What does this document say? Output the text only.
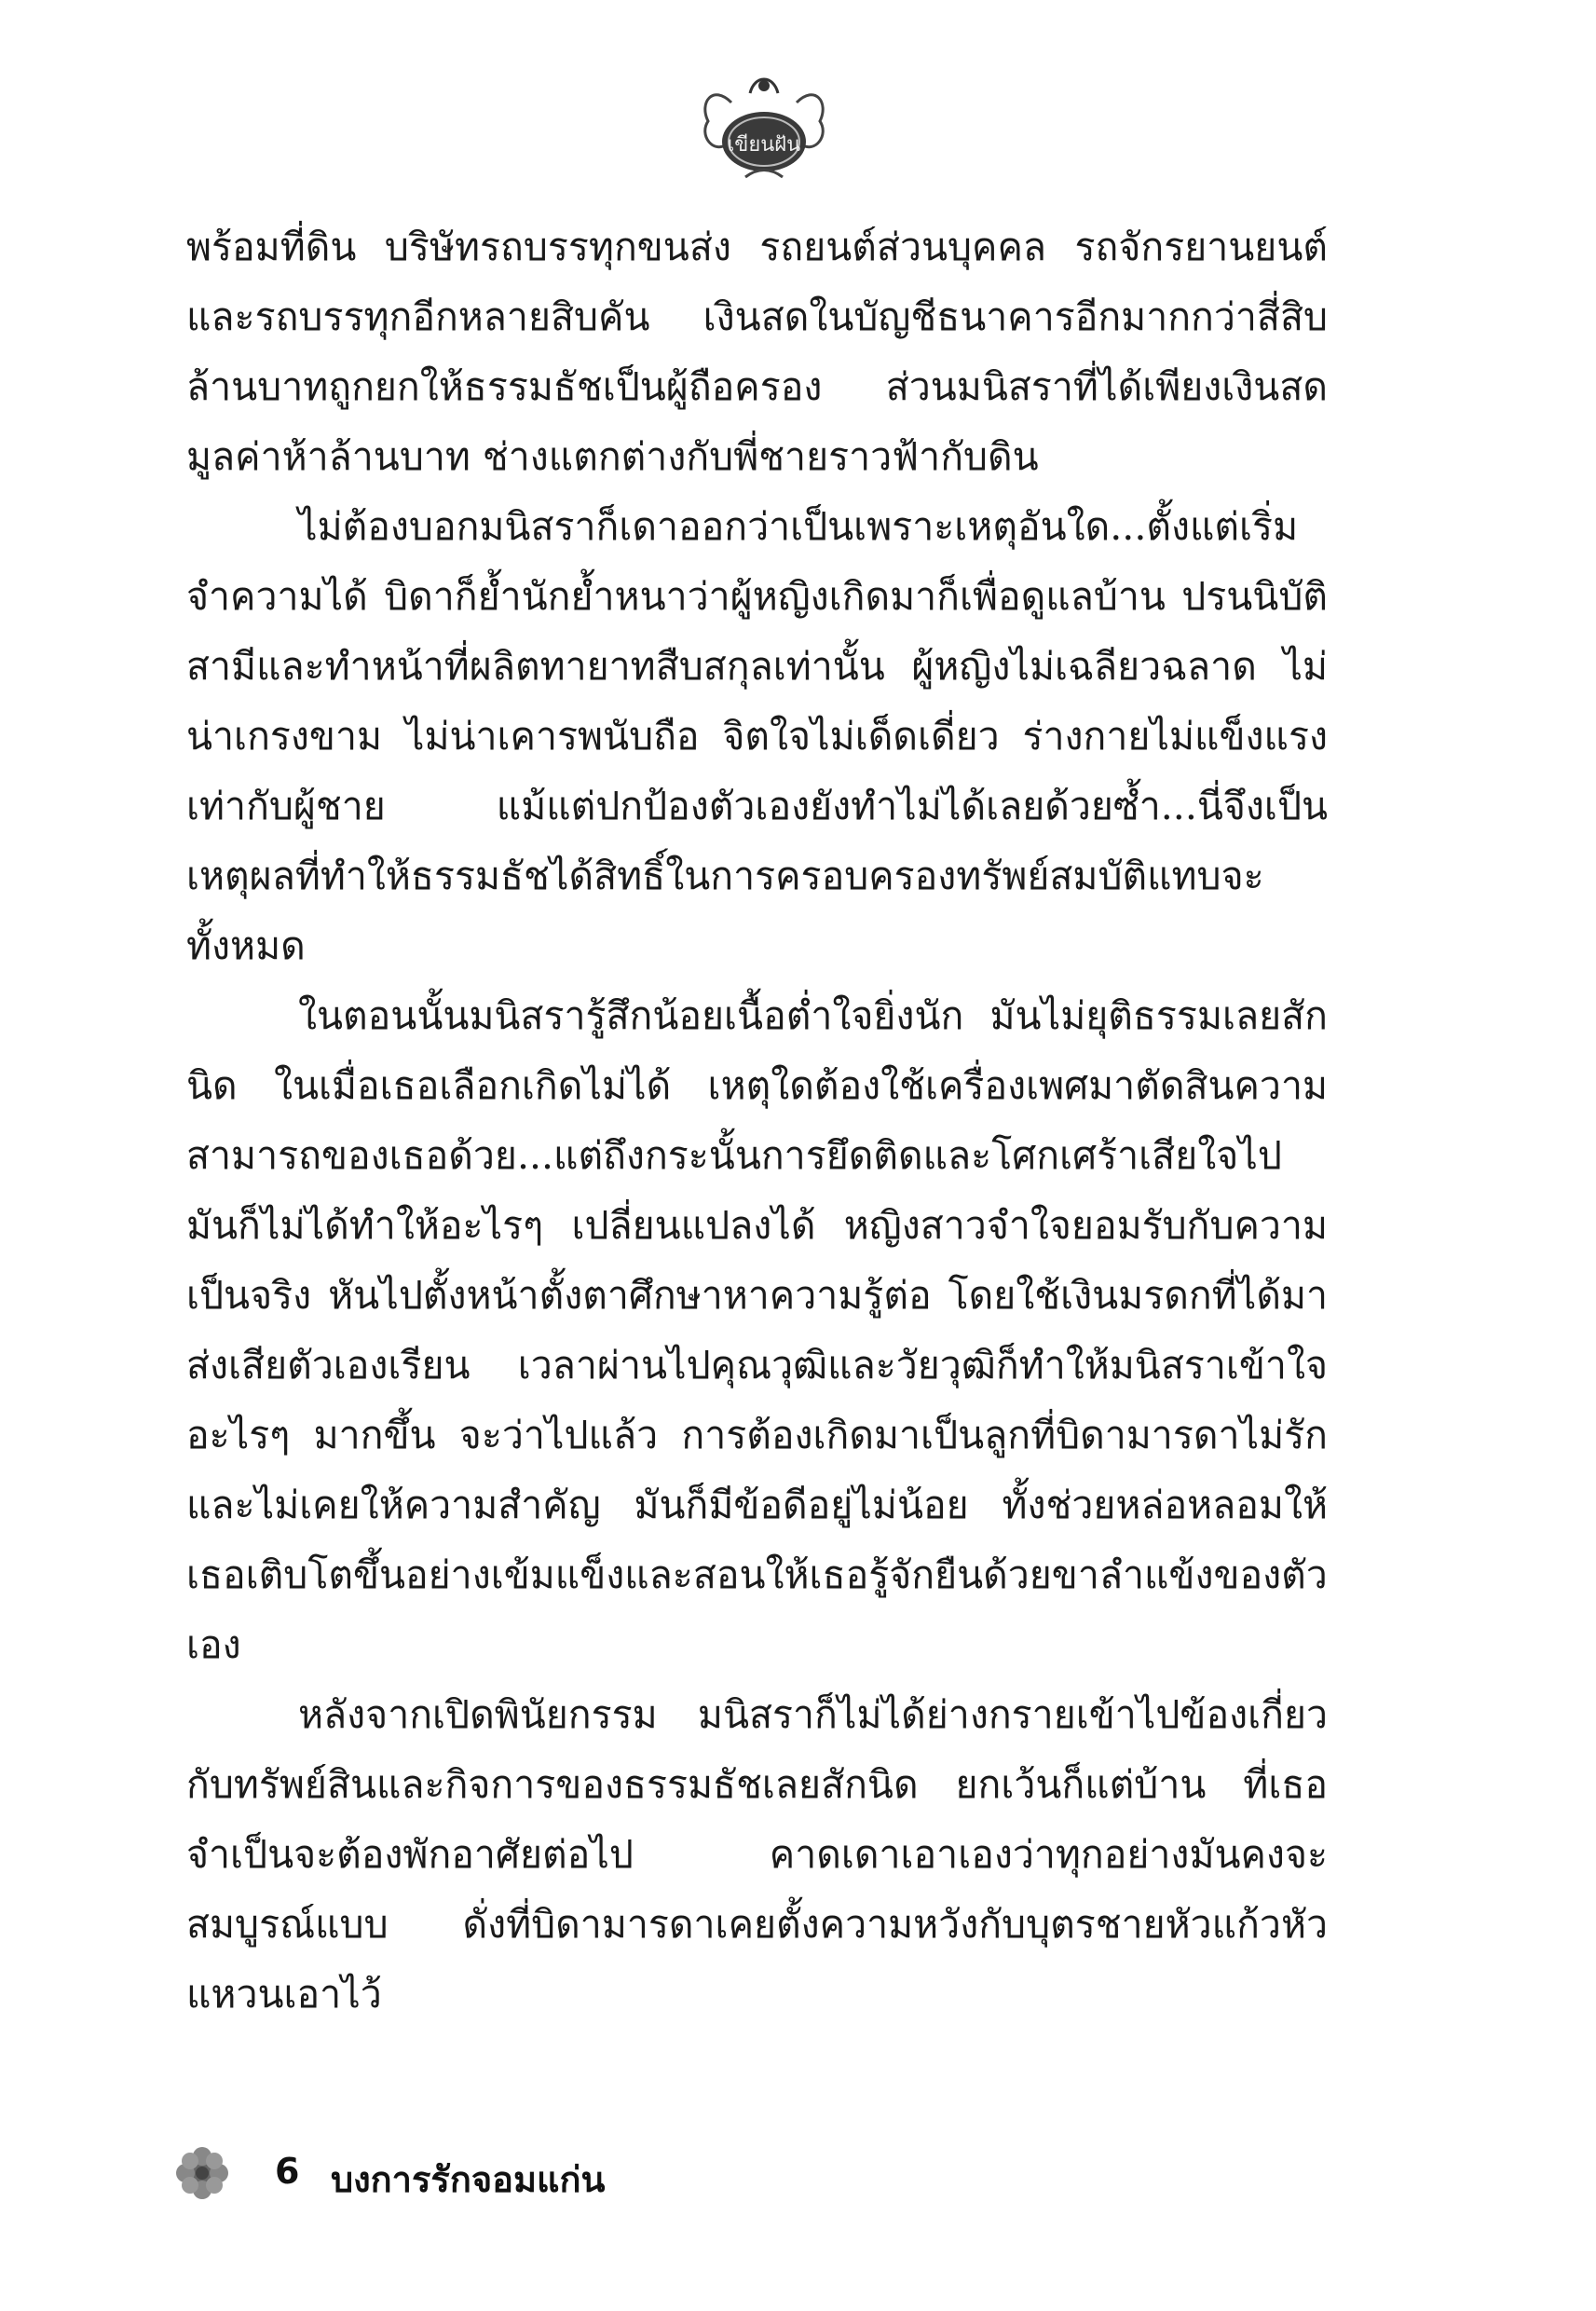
เขียนฝัน

พร้อมที่ดิน บริษัทรถบรรทุกขนส่ง รถยนต์ส่วนบุคคล รถจักรยานยนต์ และรถบรรทุกอีกหลายสิบคัน เงินสดในบัญชีธนาคารอีกมากกว่าสี่สิบล้านบาทถูกยกให้ธรรมธัชเป็นผู้ถือครอง ส่วนมนิสราที่ได้เพียงเงินสดมูลค่าห้าล้านบาท ช่างแตกต่างกับพี่ชายราวฟ้ากับดิน

ไม่ต้องบอกมนิสราก็เดาออกว่าเป็นเพราะเหตุอันใด...ตั้งแต่เริ่มจำความได้ บิดาก็ย้ำนักย้ำหนาว่าผู้หญิงเกิดมาก็เพื่อดูแลบ้าน ปรนนิบัติสามีและทำหน้าที่ผลิตทายาทสืบสกุลเท่านั้น ผู้หญิงไม่เฉลียวฉลาด ไม่น่าเกรงขาม ไม่น่าเคารพนับถือ จิตใจไม่เด็ดเดี่ยว ร่างกายไม่แข็งแรงเท่ากับผู้ชาย แม้แต่ปกป้องตัวเองยังทำไม่ได้เลยด้วยซ้ำ...นี่จึงเป็นเหตุผลที่ทำให้ธรรมธัชได้สิทธิ์ในการครอบครองทรัพย์สมบัติแทบจะทั้งหมด

ในตอนนั้นมนิสรารู้สึกน้อยเนื้อต่ำใจยิ่งนัก มันไม่ยุติธรรมเลยสักนิด ในเมื่อเธอเลือกเกิดไม่ได้ เหตุใดต้องใช้เครื่องเพศมาตัดสินความสามารถของเธอด้วย...แต่ถึงกระนั้นการยึดติดและโศกเศร้าเสียใจไปมันก็ไม่ได้ทำให้อะไรๆ เปลี่ยนแปลงได้ หญิงสาวจำใจยอมรับกับความเป็นจริง หันไปตั้งหน้าตั้งตาศึกษาหาความรู้ต่อ โดยใช้เงินมรดกที่ได้มาส่งเสียตัวเองเรียน เวลาผ่านไปคุณวุฒิและวัยวุฒิก็ทำให้มนิสราเข้าใจอะไรๆ มากขึ้น จะว่าไปแล้ว การต้องเกิดมาเป็นลูกที่บิดามารดาไม่รักและไม่เคยให้ความสำคัญ มันก็มีข้อดีอยู่ไม่น้อย ทั้งช่วยหล่อหลอมให้เธอเติบโตขึ้นอย่างเข้มแข็งและสอนให้เธอรู้จักยืนด้วยขาลำแข้งของตัวเอง

หลังจากเปิดพินัยกรรม มนิสราก็ไม่ได้ย่างกรายเข้าไปข้องเกี่ยวกับทรัพย์สินและกิจการของธรรมธัชเลยสักนิด ยกเว้นก็แต่บ้าน ที่เธอจำเป็นจะต้องพักอาศัยต่อไป คาดเดาเอาเองว่าทุกอย่างมันคงจะสมบูรณ์แบบ ดั่งที่บิดามารดาเคยตั้งความหวังกับบุตรชายหัวแก้วหัวแหวนเอาไว้

6 บงการรักจอมแก่น
